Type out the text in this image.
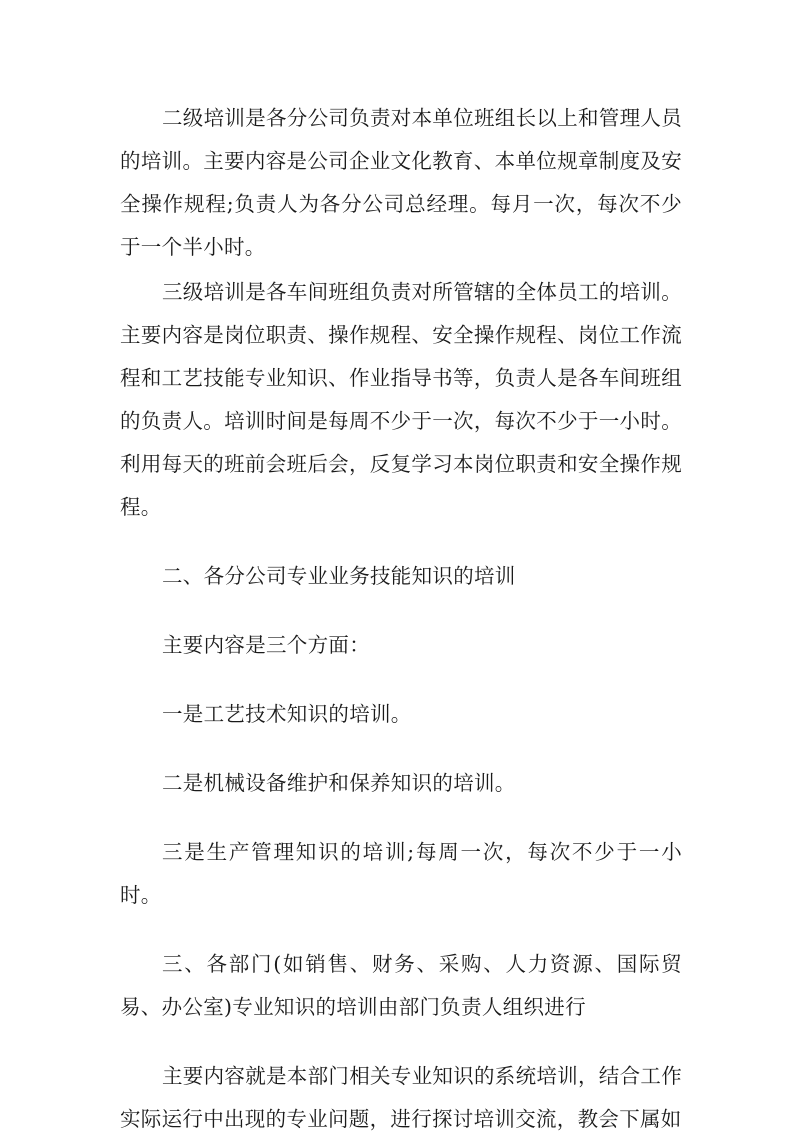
二级培训是各分公司负责对本单位班组长以上和管理人员的培训。主要内容是公司企业文化教育、本单位规章制度及安全操作规程;负责人为各分公司总经理。每月一次，每次不少于一个半小时。

三级培训是各车间班组负责对所管辖的全体员工的培训。主要内容是岗位职责、操作规程、安全操作规程、岗位工作流程和工艺技能专业知识、作业指导书等，负责人是各车间班组的负责人。培训时间是每周不少于一次，每次不少于一小时。利用每天的班前会班后会，反复学习本岗位职责和安全操作规程。

二、各分公司专业业务技能知识的培训

主要内容是三个方面：

一是工艺技术知识的培训。

二是机械设备维护和保养知识的培训。

三是生产管理知识的培训;每周一次，每次不少于一小时。

三、各部门(如销售、财务、采购、人力资源、国际贸易、办公室)专业知识的培训由部门负责人组织进行

主要内容就是本部门相关专业知识的系统培训，结合工作实际运行中出现的专业问题，进行探讨培训交流，教会下属如
